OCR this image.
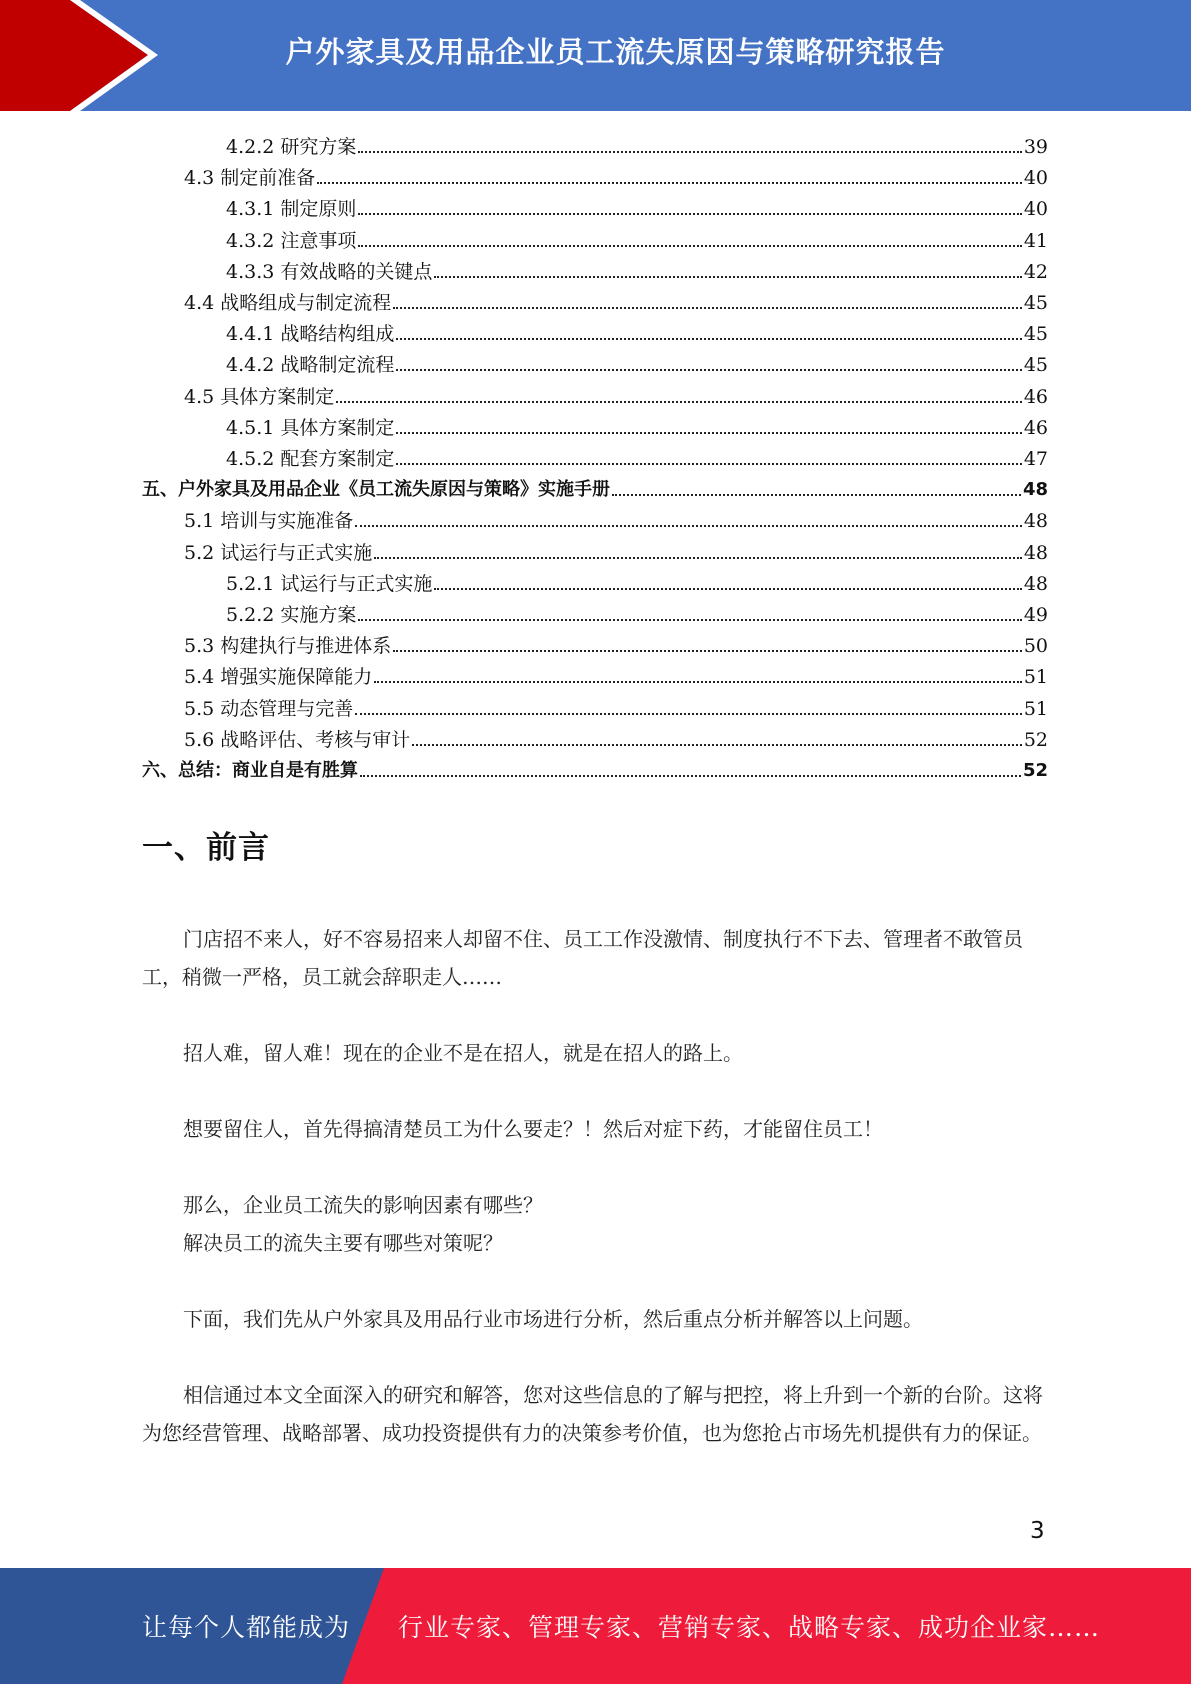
户外家具及用品企业员工流失原因与策略研究报告
4.2.2 研究方案	39
4.3 制定前准备	40
4.3.1 制定原则	40
4.3.2 注意事项	41
4.3.3 有效战略的关键点	42
4.4 战略组成与制定流程	45
4.4.1 战略结构组成	45
4.4.2 战略制定流程	45
4.5 具体方案制定	46
4.5.1 具体方案制定	46
4.5.2 配套方案制定	47
五、户外家具及用品企业《员工流失原因与策略》实施手册	48
5.1 培训与实施准备	48
5.2 试运行与正式实施	48
5.2.1 试运行与正式实施	48
5.2.2 实施方案	49
5.3 构建执行与推进体系	50
5.4 增强实施保障能力	51
5.5 动态管理与完善	51
5.6 战略评估、考核与审计	52
六、总结：商业自是有胜算	52
一、前言

门店招不来人，好不容易招来人却留不住、员工工作没激情、制度执行不下去、管理者不敢管员工，稍微一严格，员工就会辞职走人……

招人难，留人难！现在的企业不是在招人，就是在招人的路上。

想要留住人，首先得搞清楚员工为什么要走？！然后对症下药，才能留住员工！

那么，企业员工流失的影响因素有哪些？

解决员工的流失主要有哪些对策呢？

下面，我们先从户外家具及用品行业市场进行分析，然后重点分析并解答以上问题。

相信通过本文全面深入的研究和解答，您对这些信息的了解与把控，将上升到一个新的台阶。这将为您经营管理、战略部署、成功投资提供有力的决策参考价值，也为您抢占市场先机提供有力的保证。

3
让每个人都能成为 行业专家、管理专家、营销专家、战略专家、成功企业家……
